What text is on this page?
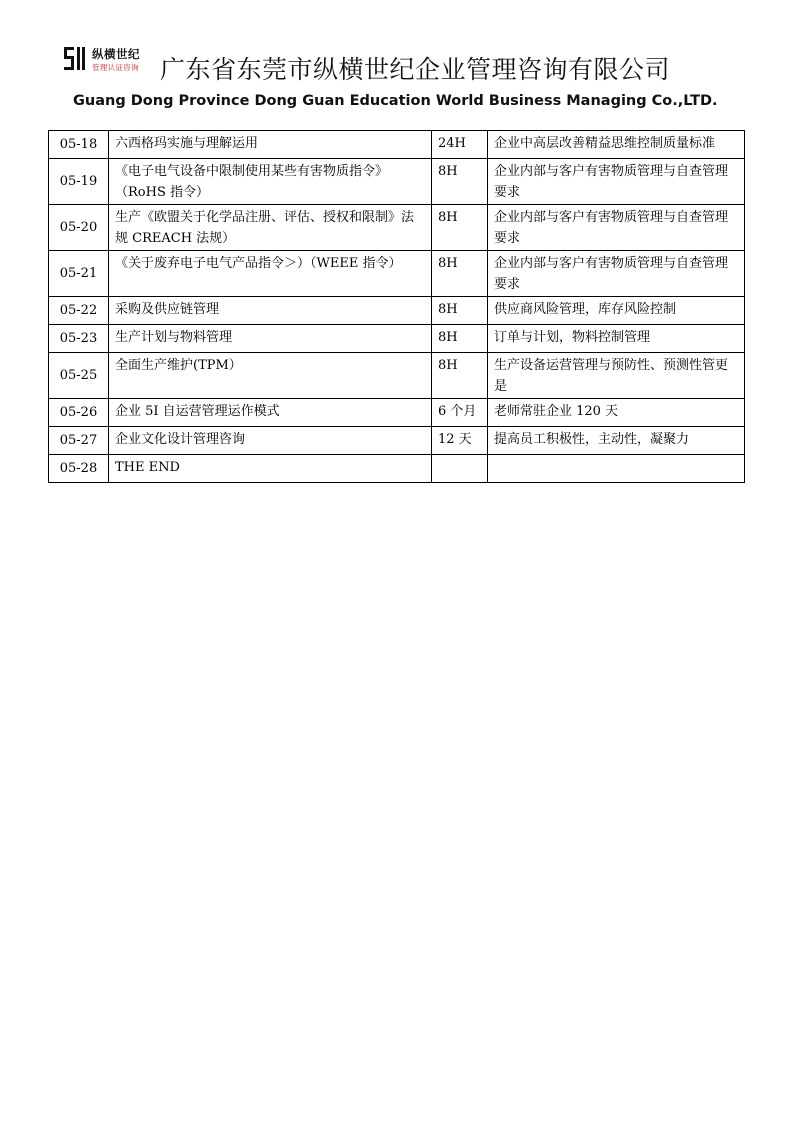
纵横世纪
管理认证咨询 广东省东莞市纵横世纪企业管理咨询有限公司
Guang Dong Province Dong Guan Education World Business Managing Co.,LTD.
05-18	六西格玛实施与理解运用	24H	企业中高层改善精益思维控制质量标准
05-19	《电子电气设备中限制使用某些有害物质指令》（RoHS 指令）	8H	企业内部与客户有害物质管理与自查管理要求
05-20	生产《欧盟关于化学品注册、评估、授权和限制》法规 CREACH 法规）	8H	企业内部与客户有害物质管理与自查管理要求
05-21	《关于废弃电子电气产品指令＞）（WEEE 指令）	8H	企业内部与客户有害物质管理与自查管理要求
05-22	采购及供应链管理	8H	供应商风险管理，库存风险控制
05-23	生产计划与物料管理	8H	订单与计划，物料控制管理
05-25	全面生产维护(TPM）	8H	生产设备运营管理与预防性、预测性管更是
05-26	企业 5I 自运营管理运作模式	6 个月	老师常驻企业 120 天
05-27	企业文化设计管理咨询	12 天	提高员工积极性，主动性，凝聚力
05-28	THE END		
